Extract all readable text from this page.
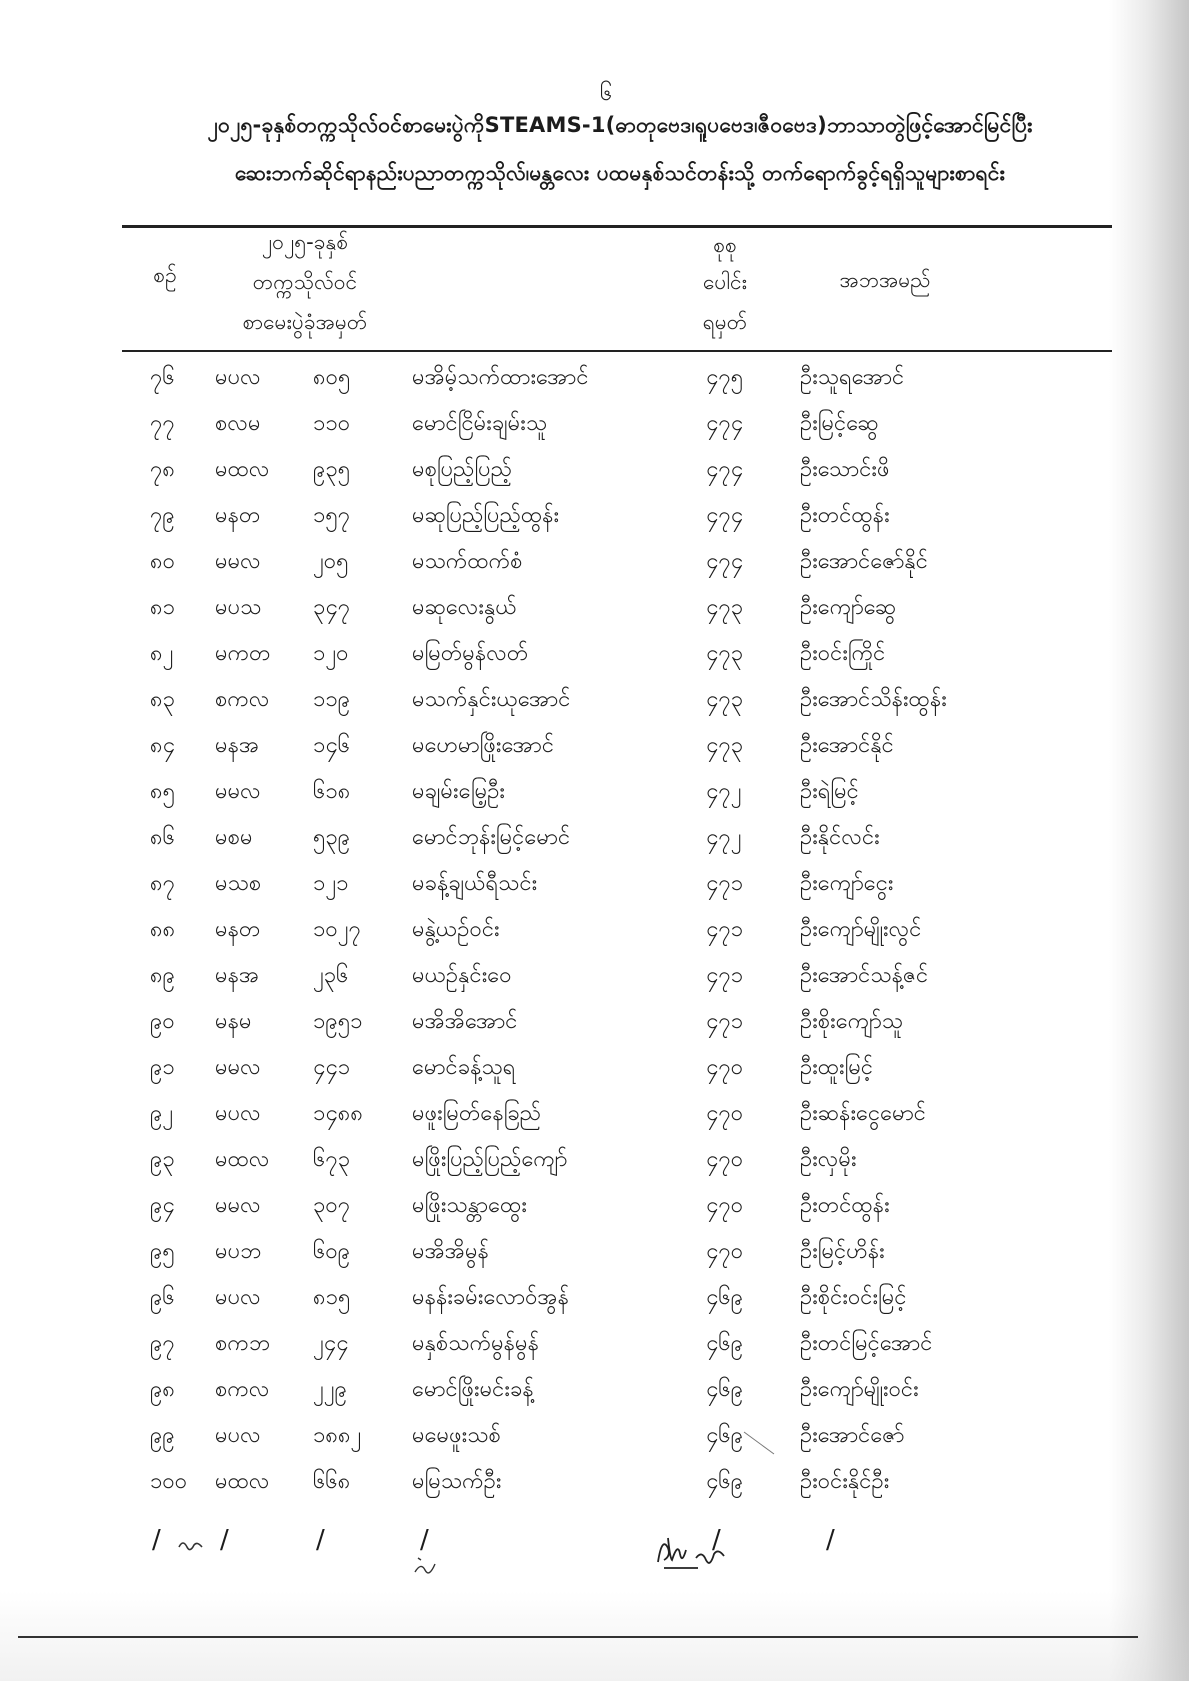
၆
၂၀၂၅-ခုနှစ်တက္ကသိုလ်ဝင်စာမေးပွဲကိုSTEAMS-1(ဓာတုဗေဒ၊ရူပဗေဒ၊ဇီဝဗေဒ)ဘာသာတွဲဖြင့်အောင်မြင်ပြီး
ဆေးဘက်ဆိုင်ရာနည်းပညာတက္ကသိုလ်၊မန္တလေး ပထမနှစ်သင်တန်းသို့ တက်ရောက်ခွင့်ရရှိသူများစာရင်း
စဉ်
၂၀၂၅-ခုနှစ်
တက္ကသိုလ်ဝင်
စာမေးပွဲခုံအမှတ်
စုစု
ပေါင်း
ရမှတ်
အဘအမည်
၇၆ မပလ ၈၀၅	မအိမ့်သက်ထားအောင်	၄၇၅	ဦးသူရအောင်
၇၇ စလမ ၁၁၀	မောင်ငြိမ်းချမ်းသူ	၄၇၄	ဦးမြင့်ဆွေ
၇၈ မထလ ၉၃၅	မစုပြည့်ပြည့်	၄၇၄	ဦးသောင်းဖိ
၇၉ မနတ ၁၅၇	မဆုပြည့်ပြည့်ထွန်း	၄၇၄	ဦးတင်ထွန်း
၈၀ မမလ ၂၀၅	မသက်ထက်စံ	၄၇၄	ဦးအောင်ဇော်နိုင်
၈၁ မပသ ၃၄၇	မဆုလေးနွယ်	၄၇၃	ဦးကျော်ဆွေ
၈၂ မကတ ၁၂၀	မမြတ်မွန်လတ်	၄၇၃	ဦးဝင်းကြိုင်
၈၃ စကလ ၁၁၉	မသက်နှင်းယုအောင်	၄၇၃	ဦးအောင်သိန်းထွန်း
၈၄ မနအ ၁၄၆	မဟေမာဖြိုးအောင်	၄၇၃	ဦးအောင်နိုင်
၈၅ မမလ ၆၁၈	မချမ်းမြေ့ဦး	၄၇၂	ဦးရဲမြင့်
၈၆ မစမ	၅၃၉	မောင်ဘုန်းမြင့်မောင်	၄၇၂	ဦးနိုင်လင်း
၈၇ မသစ ၁၂၁	မခန့်ချယ်ရီသင်း	၄၇၁	ဦးကျော်ငွေး
၈၈ မနတ ၁၀၂၇ မနွဲ့ယဉ်ဝင်း	၄၇၁	ဦးကျော်မျိုးလွင်
၈၉ မနအ ၂၃၆	မယဉ်နှင်းဝေ	၄၇၁	ဦးအောင်သန့်ဇင်
၉၀ မနမ	၁၉၅၁ မအိအိအောင်	၄၇၁	ဦးစိုးကျော်သူ
၉၁ မမလ ၄၄၁	မောင်ခန့်သူရ	၄၇၀	ဦးထူးမြင့်
၉၂ မပလ ၁၄၈၈ မဖူးမြတ်နေခြည်	၄၇၀	ဦးဆန်းငွေမောင်
၉၃ မထလ ၆၇၃	မဖြိုးပြည့်ပြည့်ကျော်	၄၇၀	ဦးလှမိုး
၉၄ မမလ ၃၀၇	မဖြိုးသန္တာထွေး	၄၇၀	ဦးတင်ထွန်း
၉၅ မပဘ ၆၀၉	မအိအိမွန်	၄၇၀	ဦးမြင့်ဟိန်း
၉၆ မပလ ၈၁၅	မနန်းခမ်းလောဝ်အွန်	၄၆၉	ဦးစိုင်းဝင်းမြင့်
၉၇ စကဘ ၂၄၄	မနှစ်သက်မွန်မွန်	၄၆၉	ဦးတင်မြင့်အောင်
၉၈ စကလ ၂၂၉	မောင်ဖြိုးမင်းခန့်	၄၆၉	ဦးကျော်မျိုးဝင်း
၉၉ မပလ ၁၈၈၂ မမေဖူးသစ်	၄၆၉	ဦးအောင်ဇော်
၁၀၀ မထလ ၆၆၈	မမြသက်ဦး	၄၆၉	ဦးဝင်းနိုင်ဦး
/ /	/	/	/	/
